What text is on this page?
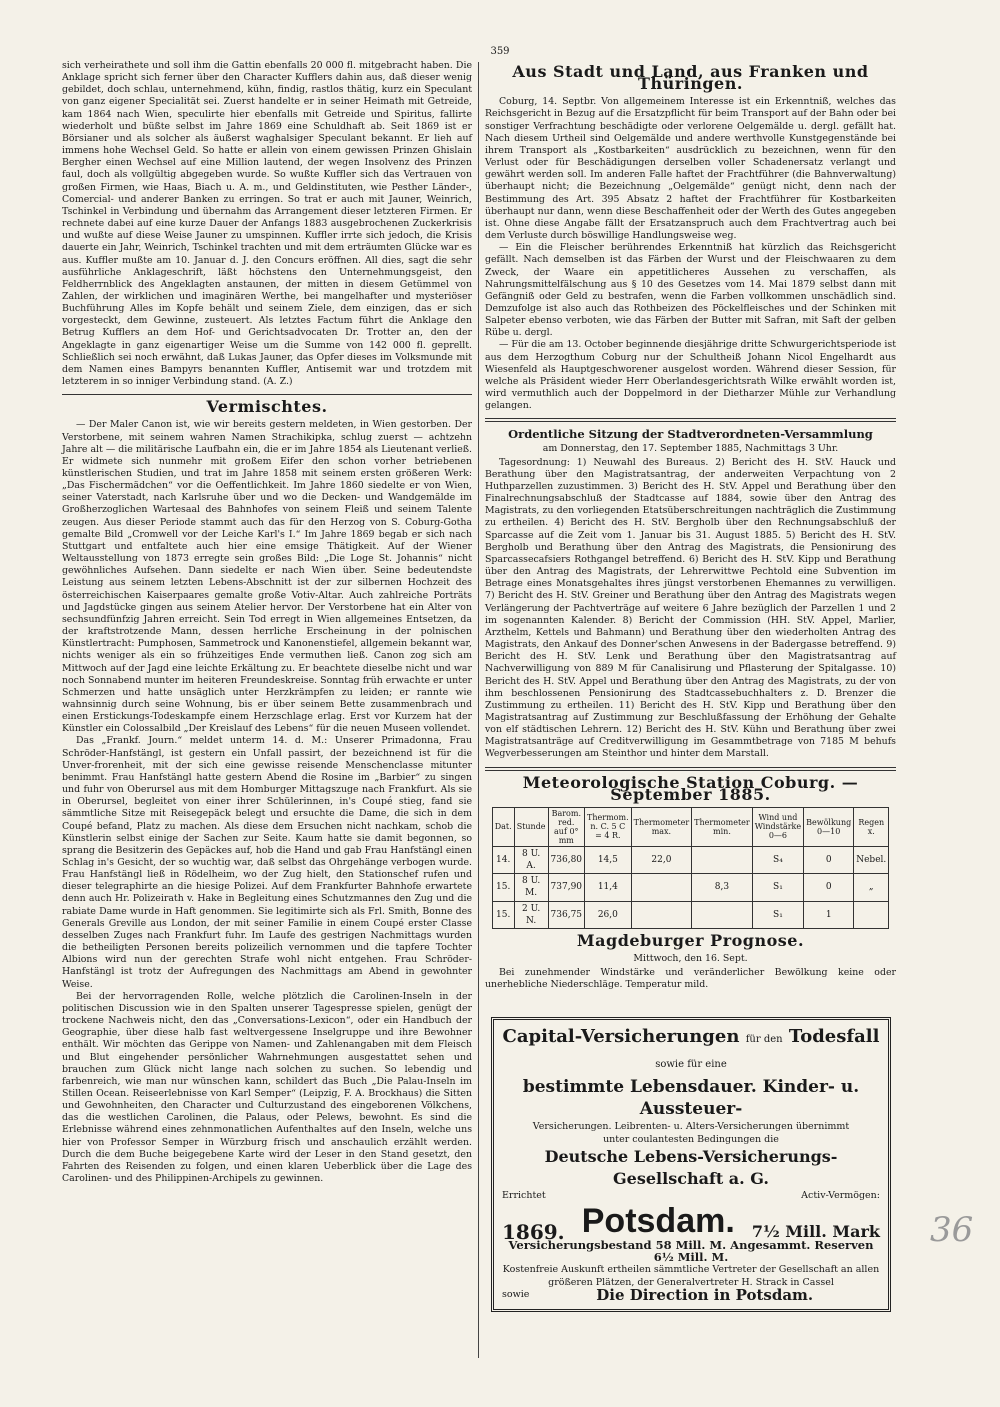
359

sich verheirathete und soll ihm die Gattin ebenfalls 20 000 fl. mitgebracht haben. Die Anklage spricht sich ferner über den Character Kufflers dahin aus, daß dieser wenig gebildet, doch schlau, unternehmend, kühn, findig, rastlos thätig, kurz ein Speculant von ganz eigener Specialität sei. Zuerst handelte er in seiner Heimath mit Getreide, kam 1864 nach Wien, speculirte hier ebenfalls mit Getreide und Spiritus, fallirte wiederholt und büßte selbst im Jahre 1869 eine Schuldhaft ab. Seit 1869 ist er Börsianer und als solcher als äußerst waghalsiger Speculant bekannt. Er lieh auf immens hohe Wechsel Geld. So hatte er allein von einem gewissen Prinzen Ghislain Bergher einen Wechsel auf eine Million lautend, der wegen Insolvenz des Prinzen faul, doch als vollgültig abgegeben wurde. So wußte Kuffler sich das Vertrauen von großen Firmen, wie Haas, Biach u. A. m., und Geldinstituten, wie Pesther Länder-, Comercial- und anderer Banken zu erringen. So trat er auch mit Jauner, Weinrich, Tschinkel in Verbindung und übernahm das Arrangement dieser letzteren Firmen. Er rechnete dabei auf eine kurze Dauer der Anfangs 1883 ausgebrochenen Zuckerkrisis und wußte auf diese Weise Jauner zu umspinnen. Kuffler irrte sich jedoch, die Krisis dauerte ein Jahr, Weinrich, Tschinkel trachten und mit dem erträumten Glücke war es aus. Kuffler mußte am 10. Januar d. J. den Concurs eröffnen. All dies, sagt die sehr ausführliche Anklageschrift, läßt höchstens den Unternehmungsgeist, den Feldherrnblick des Angeklagten anstaunen, der mitten in diesem Getümmel von Zahlen, der wirklichen und imaginären Werthe, bei mangelhafter und mysteriöser Buchführung Alles im Kopfe behält und seinem Ziele, dem einzigen, das er sich vorgesteckt, dem Gewinne, zusteuert. Als letztes Factum führt die Anklage den Betrug Kufflers an dem Hof- und Gerichtsadvocaten Dr. Trotter an, den der Angeklagte in ganz eigenartiger Weise um die Summe von 142 000 fl. geprellt. Schließlich sei noch erwähnt, daß Lukas Jauner, das Opfer dieses im Volksmunde mit dem Namen eines Bampyrs benannten Kuffler, Antisemit war und trotzdem mit letzterem in so inniger Verbindung stand. (A. Z.)

Vermischtes.

— Der Maler Canon ist, wie wir bereits gestern meldeten, in Wien gestorben. Der Verstorbene, mit seinem wahren Namen Strachikipka, schlug zuerst — achtzehn Jahre alt — die militärische Laufbahn ein, die er im Jahre 1854 als Lieutenant verließ. Er widmete sich nunmehr mit großem Eifer den schon vorher betriebenen künstlerischen Studien, und trat im Jahre 1858 mit seinem ersten größeren Werk: „Das Fischermädchen“ vor die Oeffentlichkeit. Im Jahre 1860 siedelte er von Wien, seiner Vaterstadt, nach Karlsruhe über und wo die Decken- und Wandgemälde im Großherzoglichen Wartesaal des Bahnhofes von seinem Fleiß und seinem Talente zeugen. Aus dieser Periode stammt auch das für den Herzog von S. Coburg-Gotha gemalte Bild „Cromwell vor der Leiche Karl's I.“ Im Jahre 1869 begab er sich nach Stuttgart und entfaltete auch hier eine emsige Thätigkeit. Auf der Wiener Weltausstellung von 1873 erregte sein großes Bild: „Die Loge St. Johannis“ nicht gewöhnliches Aufsehen. Dann siedelte er nach Wien über. Seine bedeutendste Leistung aus seinem letzten Lebens-Abschnitt ist der zur silbernen Hochzeit des österreichischen Kaiserpaares gemalte große Votiv-Altar. Auch zahlreiche Porträts und Jagdstücke gingen aus seinem Atelier hervor. Der Verstorbene hat ein Alter von sechsundfünfzig Jahren erreicht. Sein Tod erregt in Wien allgemeines Entsetzen, da der kraftstrotzende Mann, dessen herrliche Erscheinung in der polnischen Künstlertracht: Pumphosen, Sammetrock und Kanonenstiefel, allgemein bekannt war, nichts weniger als ein so frühzeitiges Ende vermuthen ließ. Canon zog sich am Mittwoch auf der Jagd eine leichte Erkältung zu. Er beachtete dieselbe nicht und war noch Sonnabend munter im heiteren Freundeskreise. Sonntag früh erwachte er unter Schmerzen und hatte unsäglich unter Herzkrämpfen zu leiden; er rannte wie wahnsinnig durch seine Wohnung, bis er über seinem Bette zusammenbrach und einen Erstickungs-Todeskampfe einem Herzschlage erlag. Erst vor Kurzem hat der Künstler ein Colossalbild „Der Kreislauf des Lebens“ für die neuen Museen vollendet.

Das „Frankf. Journ.“ meldet unterm 14. d. M.: Unserer Primadonna, Frau Schröder-Hanfstängl, ist gestern ein Unfall passirt, der bezeichnend ist für die Unver-frorenheit, mit der sich eine gewisse reisende Menschenclasse mitunter benimmt. Frau Hanfstängl hatte gestern Abend die Rosine im „Barbier“ zu singen und fuhr von Oberursel aus mit dem Homburger Mittagszuge nach Frankfurt. Als sie in Oberursel, begleitet von einer ihrer Schülerinnen, in's Coupé stieg, fand sie sämmtliche Sitze mit Reisegepäck belegt und ersuchte die Dame, die sich in dem Coupé befand, Platz zu machen. Als diese dem Ersuchen nicht nachkam, schob die Künstlerin selbst einige der Sachen zur Seite. Kaum hatte sie damit begonnen, so sprang die Besitzerin des Gepäckes auf, hob die Hand und gab Frau Hanfstängl einen Schlag in's Gesicht, der so wuchtig war, daß selbst das Ohrgehänge verbogen wurde. Frau Hanfstängl ließ in Rödelheim, wo der Zug hielt, den Stationschef rufen und dieser telegraphirte an die hiesige Polizei. Auf dem Frankfurter Bahnhofe erwartete denn auch Hr. Polizeirath v. Hake in Begleitung eines Schutzmannes den Zug und die rabiate Dame wurde in Haft genommen. Sie legitimirte sich als Frl. Smith, Bonne des Generals Greville aus London, der mit seiner Familie in einem Coupé erster Classe desselben Zuges nach Frankfurt fuhr. Im Laufe des gestrigen Nachmittags wurden die betheiligten Personen bereits polizeilich vernommen und die tapfere Tochter Albions wird nun der gerechten Strafe wohl nicht entgehen. Frau Schröder-Hanfstängl ist trotz der Aufregungen des Nachmittags am Abend in gewohnter Weise.

Bei der hervorragenden Rolle, welche plötzlich die Carolinen-Inseln in der politischen Discussion wie in den Spalten unserer Tagespresse spielen, genügt der trockene Nachweis nicht, den das „Conversations-Lexicon“, oder ein Handbuch der Geographie, über diese halb fast weltvergessene Inselgruppe und ihre Bewohner enthält. Wir möchten das Gerippe von Namen- und Zahlenangaben mit dem Fleisch und Blut eingehender persönlicher Wahrnehmungen ausgestattet sehen und brauchen zum Glück nicht lange nach solchen zu suchen. So lebendig und farbenreich, wie man nur wünschen kann, schildert das Buch „Die Palau-Inseln im Stillen Ocean. Reiseerlebnisse von Karl Semper“ (Leipzig, F. A. Brockhaus) die Sitten und Gewohnheiten, den Character und Culturzustand des eingeborenen Völkchens, das die westlichen Carolinen, die Palaus, oder Pelews, bewohnt. Es sind die Erlebnisse während eines zehnmonatlichen Aufenthaltes auf den Inseln, welche uns hier von Professor Semper in Würzburg frisch und anschaulich erzählt werden. Durch die dem Buche beigegebene Karte wird der Leser in den Stand gesetzt, den Fahrten des Reisenden zu folgen, und einen klaren Ueberblick über die Lage des Carolinen- und des Philippinen-Archipels zu gewinnen.

Aus Stadt und Land, aus Franken und Thüringen.

Coburg, 14. Septbr. Von allgemeinem Interesse ist ein Erkenntniß, welches das Reichsgericht in Bezug auf die Ersatzpflicht für beim Transport auf der Bahn oder bei sonstiger Verfrachtung beschädigte oder verlorene Oelgemälde u. dergl. gefällt hat. Nach diesem Urtheil sind Oelgemälde und andere werthvolle Kunstgegenstände bei ihrem Transport als „Kostbarkeiten“ ausdrücklich zu bezeichnen, wenn für den Verlust oder für Beschädigungen derselben voller Schadenersatz verlangt und gewährt werden soll. Im anderen Falle haftet der Frachtführer (die Bahnverwaltung) überhaupt nicht; die Bezeichnung „Oelgemälde“ genügt nicht, denn nach der Bestimmung des Art. 395 Absatz 2 haftet der Frachtführer für Kostbarkeiten überhaupt nur dann, wenn diese Beschaffenheit oder der Werth des Gutes angegeben ist. Ohne diese Angabe fällt der Ersatzanspruch auch dem Frachtvertrag auch bei dem Verluste durch böswillige Handlungsweise weg.

— Ein die Fleischer berührendes Erkenntniß hat kürzlich das Reichsgericht gefällt. Nach demselben ist das Färben der Wurst und der Fleischwaaren zu dem Zweck, der Waare ein appetitlicheres Aussehen zu verschaffen, als Nahrungsmittelfälschung aus § 10 des Gesetzes vom 14. Mai 1879 selbst dann mit Gefängniß oder Geld zu bestrafen, wenn die Farben vollkommen unschädlich sind. Demzufolge ist also auch das Rothbeizen des Pöckelfleisches und der Schinken mit Salpeter ebenso verboten, wie das Färben der Butter mit Safran, mit Saft der gelben Rübe u. dergl.

— Für die am 13. October beginnende diesjährige dritte Schwurgerichtsperiode ist aus dem Herzogthum Coburg nur der Schultheiß Johann Nicol Engelhardt aus Wiesenfeld als Hauptgeschworener ausgelost worden. Während dieser Session, für welche als Präsident wieder Herr Oberlandesgerichtsrath Wilke erwählt worden ist, wird vermuthlich auch der Doppelmord in der Dietharzer Mühle zur Verhandlung gelangen.

Ordentliche Sitzung der Stadtverordneten-Versammlung
am Donnerstag, den 17. September 1885, Nachmittags 3 Uhr.

Tagesordnung: 1) Neuwahl des Bureaus. 2) Bericht des H. StV. Hauck und Berathung über den Magistratsantrag, der anderweiten Verpachtung von 2 Huthparzellen zuzustimmen. 3) Bericht des H. StV. Appel und Berathung über den Finalrechnungsabschluß der Stadtcasse auf 1884, sowie über den Antrag des Magistrats, zu den vorliegenden Etatsüberschreitungen nachträglich die Zustimmung zu ertheilen. 4) Bericht des H. StV. Bergholb über den Rechnungsabschluß der Sparcasse auf die Zeit vom 1. Januar bis 31. August 1885. 5) Bericht des H. StV. Bergholb und Berathung über den Antrag des Magistrats, die Pensionirung des Sparcassecafsiers Rothgangel betreffend. 6) Bericht des H. StV. Kipp und Berathung über den Antrag des Magistrats, der Lehrerwittwe Pechtold eine Subvention im Betrage eines Monatsgehaltes ihres jüngst verstorbenen Ehemannes zu verwilligen. 7) Bericht des H. StV. Greiner und Berathung über den Antrag des Magistrats wegen Verlängerung der Pachtverträge auf weitere 6 Jahre bezüglich der Parzellen 1 und 2 im sogenannten Kalender. 8) Bericht der Commission (HH. StV. Appel, Marlier, Arzthelm, Kettels und Bahmann) und Berathung über den wiederholten Antrag des Magistrats, den Ankauf des Donner'schen Anwesens in der Badergasse betreffend. 9) Bericht des H. StV. Lenk und Berathung über den Magistratsantrag auf Nachverwilligung von 889 M für Canalisirung und Pflasterung der Spitalgasse. 10) Bericht des H. StV. Appel und Berathung über den Antrag des Magistrats, zu der von ihm beschlossenen Pensionirung des Stadtcassebuchhalters z. D. Brenzer die Zustimmung zu ertheilen. 11) Bericht des H. StV. Kipp und Berathung über den Magistratsantrag auf Zustimmung zur Beschlußfassung der Erhöhung der Gehalte von elf städtischen Lehrern. 12) Bericht des H. StV. Kühn und Berathung über zwei Magistratsanträge auf Creditverwilligung im Gesammtbetrage von 7185 M behufs Wegverbesserungen am Steinthor und hinter dem Marstall.

Meteorologische Station Coburg. — September 1885.
Dat.	Stunde	Barom. red. auf 0° mm	Thermom. n. C. 5 C = 4 R.	Thermometer max.	Thermometer min.	Wind und Windstärke 0—6	Bewölkung 0—10	Regen x.
14.	8 U. A.	736,80	14,5	22,0		S₄	0	Nebel.
15.	8 U. M.	737,90	11,4		8,3	S₁	0	„
15.	2 U. N.	736,75	26,0			S₁	1	
Magdeburger Prognose.
Mittwoch, den 16. Sept.

Bei zunehmender Windstärke und veränderlicher Bewölkung keine oder unerhebliche Niederschläge. Temperatur mild.

Capital-Versicherungen für den Todesfall sowie für eine
bestimmte Lebensdauer. Kinder- u. Aussteuer-
Versicherungen. Leibrenten- u. Alters-Versicherungen übernimmt
unter coulantesten Bedingungen die
Deutsche Lebens-Versicherungs-Gesellschaft a. G.
Errichtet	Activ-Vermögen:
1869. Potsdam. 7½ Mill. Mark
Versicherungsbestand 58 Mill. M. Angesammt. Reserven 6½ Mill. M.
Kostenfreie Auskunft ertheilen sämmtliche Vertreter der Gesellschaft an allen größeren Plätzen, der Generalvertreter H. Strack in Cassel
sowie	Die Direction in Potsdam.
36
